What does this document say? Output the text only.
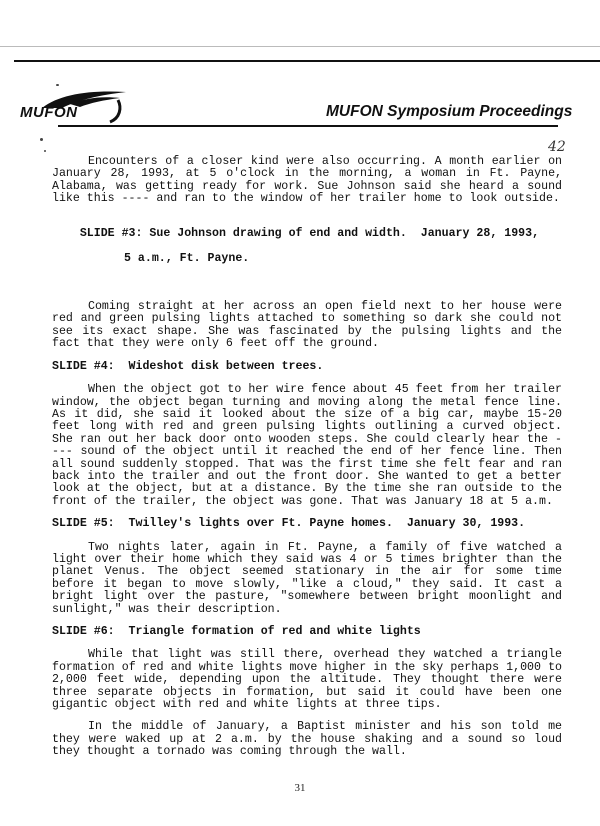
MUFON	MUFON Symposium Proceedings
42

Encounters of a closer kind were also occurring. A month earlier on January 28, 1993, at 5 o'clock in the morning, a woman in Ft. Payne, Alabama, was getting ready for work. Sue Johnson said she heard a sound like this ---- and ran to the window of her trailer home to look outside.

SLIDE #3: Sue Johnson drawing of end and width.  January 28, 1993,

5 a.m., Ft. Payne.

Coming straight at her across an open field next to her house were red and green pulsing lights attached to something so dark she could not see its exact shape. She was fascinated by the pulsing lights and the fact that they were only 6 feet off the ground.

SLIDE #4:  Wideshot disk between trees.

When the object got to her wire fence about 45 feet from her trailer window, the object began turning and moving along the metal fence line. As it did, she said it looked about the size of a big car, maybe 15-20 feet long with red and green pulsing lights outlining a curved object. She ran out her back door onto wooden steps. She could clearly hear the ---- sound of the object until it reached the end of her fence line. Then all sound suddenly stopped. That was the first time she felt fear and ran back into the trailer and out the front door. She wanted to get a better look at the object, but at a distance. By the time she ran outside to the front of the trailer, the object was gone. That was January 18 at 5 a.m.

SLIDE #5:  Twilley's lights over Ft. Payne homes.  January 30, 1993.

Two nights later, again in Ft. Payne, a family of five watched a light over their home which they said was 4 or 5 times brighter than the planet Venus. The object seemed stationary in the air for some time before it began to move slowly, "like a cloud," they said. It cast a bright light over the pasture, "somewhere between bright moonlight and sunlight," was their description.

SLIDE #6:  Triangle formation of red and white lights

While that light was still there, overhead they watched a triangle formation of red and white lights move higher in the sky perhaps 1,000 to 2,000 feet wide, depending upon the altitude. They thought there were three separate objects in formation, but said it could have been one gigantic object with red and white lights at three tips.

In the middle of January, a Baptist minister and his son told me they were waked up at 2 a.m. by the house shaking and a sound so loud they thought a tornado was coming through the wall.

31
